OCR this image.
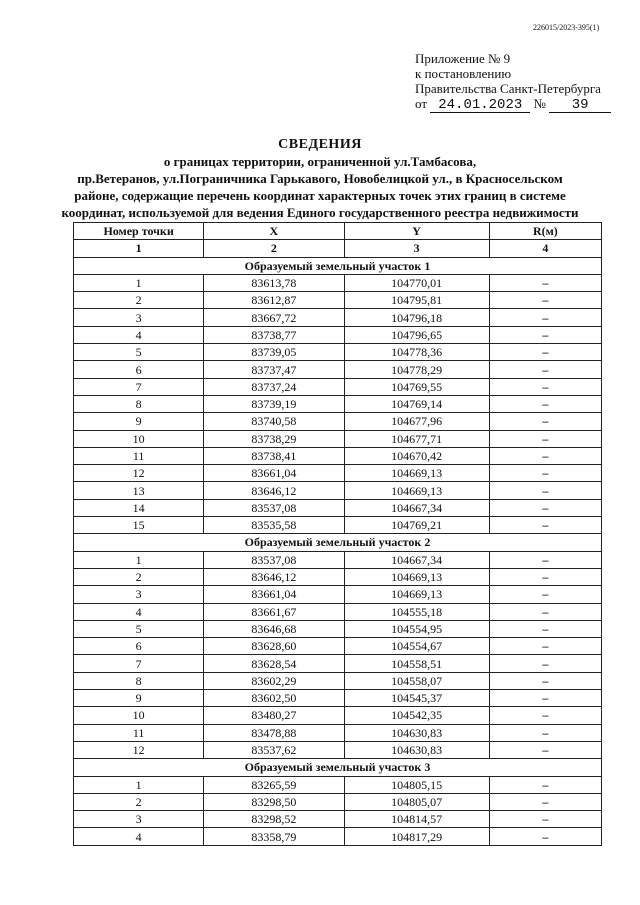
226015/2023-395(1)
Приложение № 9
к постановлению
Правительства Санкт-Петербурга
от 24.01.2023 № 39
СВЕДЕНИЯ
о границах территории, ограниченной ул.Тамбасова,
пр.Ветеранов, ул.Пограничника Гарькавого, Новобелицкой ул., в Красносельском
районе, содержащие перечень координат характерных точек этих границ в системе
координат, используемой для ведения Единого государственного реестра недвижимости
Номер точки	X	Y	R(м)
1	2	3	4
Образуемый земельный участок 1			
1	83613,78	104770,01	–
2	83612,87	104795,81	–
3	83667,72	104796,18	–
4	83738,77	104796,65	–
5	83739,05	104778,36	–
6	83737,47	104778,29	–
7	83737,24	104769,55	–
8	83739,19	104769,14	–
9	83740,58	104677,96	–
10	83738,29	104677,71	–
11	83738,41	104670,42	–
12	83661,04	104669,13	–
13	83646,12	104669,13	–
14	83537,08	104667,34	–
15	83535,58	104769,21	–
Образуемый земельный участок 2			
1	83537,08	104667,34	–
2	83646,12	104669,13	–
3	83661,04	104669,13	–
4	83661,67	104555,18	–
5	83646,68	104554,95	–
6	83628,60	104554,67	–
7	83628,54	104558,51	–
8	83602,29	104558,07	–
9	83602,50	104545,37	–
10	83480,27	104542,35	–
11	83478,88	104630,83	–
12	83537,62	104630,83	–
Образуемый земельный участок 3			
1	83265,59	104805,15	–
2	83298,50	104805,07	–
3	83298,52	104814,57	–
4	83358,79	104817,29	–
